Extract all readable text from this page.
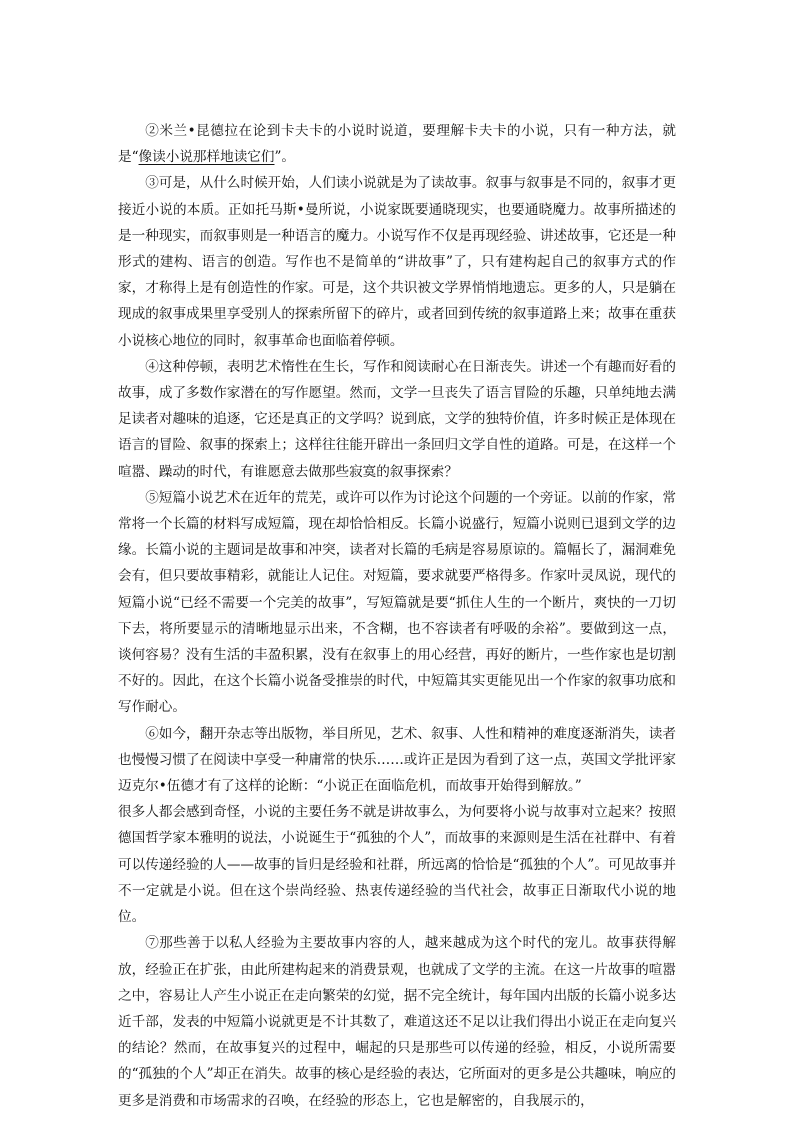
②米兰•昆德拉在论到卡夫卡的小说时说道，要理解卡夫卡的小说，只有一种方法，就是“像读小说那样地读它们”。

③可是，从什么时候开始，人们读小说就是为了读故事。叙事与叙事是不同的，叙事才更接近小说的本质。正如托马斯•曼所说，小说家既要通晓现实，也要通晓魔力。故事所描述的是一种现实，而叙事则是一种语言的魔力。小说写作不仅是再现经验、讲述故事，它还是一种形式的建构、语言的创造。写作也不是简单的“讲故事”了，只有建构起自己的叙事方式的作家，才称得上是有创造性的作家。可是，这个共识被文学界悄悄地遗忘。更多的人，只是躺在现成的叙事成果里享受别人的探索所留下的碎片，或者回到传统的叙事道路上来；故事在重获小说核心地位的同时，叙事革命也面临着停顿。

④这种停顿，表明艺术惰性在生长，写作和阅读耐心在日渐丧失。讲述一个有趣而好看的故事，成了多数作家潜在的写作愿望。然而，文学一旦丧失了语言冒险的乐趣，只单纯地去满足读者对趣味的追逐，它还是真正的文学吗？说到底，文学的独特价值，许多时候正是体现在语言的冒险、叙事的探索上；这样往往能开辟出一条回归文学自性的道路。可是，在这样一个喧嚣、躁动的时代，有谁愿意去做那些寂寞的叙事探索？

⑤短篇小说艺术在近年的荒芜，或许可以作为讨论这个问题的一个旁证。以前的作家，常常将一个长篇的材料写成短篇，现在却恰恰相反。长篇小说盛行，短篇小说则已退到文学的边缘。长篇小说的主题词是故事和冲突，读者对长篇的毛病是容易原谅的。篇幅长了，漏洞难免会有，但只要故事精彩，就能让人记住。对短篇，要求就要严格得多。作家叶灵凤说，现代的短篇小说“已经不需要一个完美的故事”，写短篇就是要“抓住人生的一个断片，爽快的一刀切下去，将所要显示的清晰地显示出来，不含糊，也不容读者有呼吸的余裕”。要做到这一点，谈何容易？没有生活的丰盈积累，没有在叙事上的用心经营，再好的断片，一些作家也是切割不好的。因此，在这个长篇小说备受推崇的时代，中短篇其实更能见出一个作家的叙事功底和写作耐心。

⑥如今，翻开杂志等出版物，举目所见，艺术、叙事、人性和精神的难度逐渐消失，读者也慢慢习惯了在阅读中享受一种庸常的快乐……或许正是因为看到了这一点，英国文学批评家迈克尔•伍德才有了这样的论断：“小说正在面临危机，而故事开始得到解放。”

很多人都会感到奇怪，小说的主要任务不就是讲故事么，为何要将小说与故事对立起来？按照德国哲学家本雅明的说法，小说诞生于“孤独的个人”，而故事的来源则是生活在社群中、有着可以传递经验的人——故事的旨归是经验和社群，所远离的恰恰是“孤独的个人”。可见故事并不一定就是小说。但在这个崇尚经验、热衷传递经验的当代社会，故事正日渐取代小说的地位。

⑦那些善于以私人经验为主要故事内容的人，越来越成为这个时代的宠儿。故事获得解放，经验正在扩张，由此所建构起来的消费景观，也就成了文学的主流。在这一片故事的喧嚣之中，容易让人产生小说正在走向繁荣的幻觉，据不完全统计，每年国内出版的长篇小说多达近千部，发表的中短篇小说就更是不计其数了，难道这还不足以让我们得出小说正在走向复兴的结论？然而，在故事复兴的过程中，崛起的只是那些可以传递的经验，相反，小说所需要的“孤独的个人”却正在消失。故事的核心是经验的表达，它所面对的更多是公共趣味，响应的更多是消费和市场需求的召唤，在经验的形态上，它也是解密的，自我展示的，
